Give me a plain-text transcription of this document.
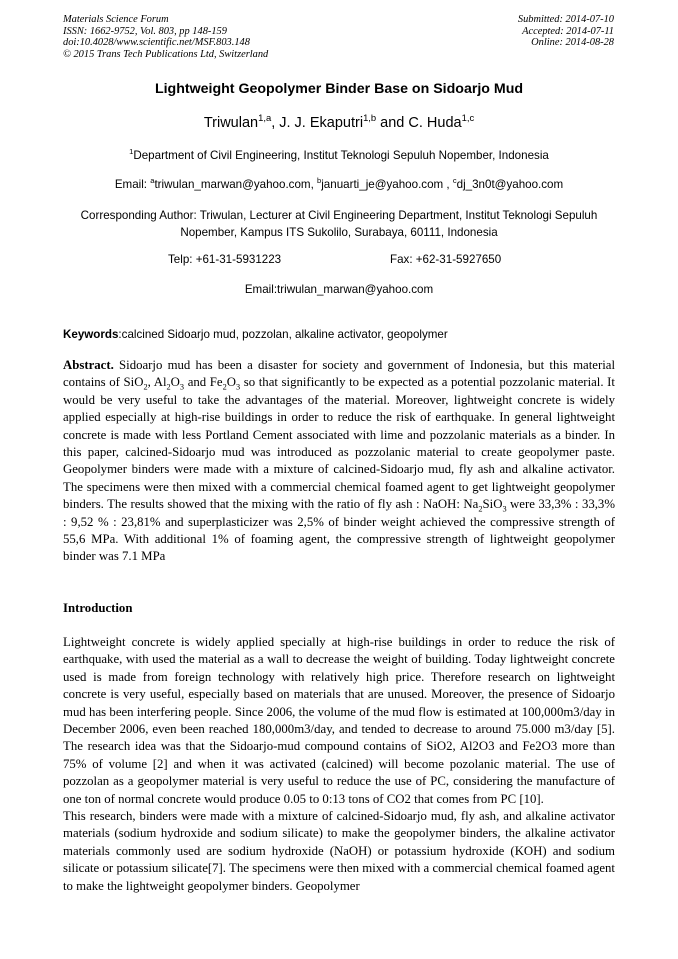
Materials Science Forum
ISSN: 1662-9752, Vol. 803, pp 148-159
doi:10.4028/www.scientific.net/MSF.803.148
© 2015 Trans Tech Publications Ltd, Switzerland
Submitted: 2014-07-10
Accepted: 2014-07-11
Online: 2014-08-28
Lightweight Geopolymer Binder Base on Sidoarjo Mud
Triwulan$^{1,a}$, J. J. Ekaputri$^{1,b}$ and C. Huda$^{1,c}$
$^1$Department of Civil Engineering, Institut Teknologi Sepuluh Nopember, Indonesia
Email: $^a$triwulan_marwan@yahoo.com, $^b$januarti_je@yahoo.com , $^c$dj_3n0t@yahoo.com
Corresponding Author: Triwulan, Lecturer at Civil Engineering Department, Institut Teknologi Sepuluh Nopember, Kampus ITS Sukolilo, Surabaya, 60111, Indonesia
Telp: +61-31-5931223	Fax: +62-31-5927650
Email:triwulan_marwan@yahoo.com
Keywords:calcined Sidoarjo mud, pozzolan, alkaline activator, geopolymer
Abstract. Sidoarjo mud has been a disaster for society and government of Indonesia, but this material contains of SiO$_2$, $Al_2O_3$ and $Fe_2O_3$ so that significantly to be expected as a potential pozzolanic material. It would be very useful to take the advantages of the material. Moreover, lightweight concrete is widely applied especially at high-rise buildings in order to reduce the risk of earthquake. In general lightweight concrete is made with less Portland Cement associated with lime and pozzolanic materials as a binder. In this paper, calcined-Sidoarjo mud was introduced as pozzolanic material to create geopolymer paste. Geopolymer binders were made with a mixture of calcined-Sidoarjo mud, fly ash and alkaline activator. The specimens were then mixed with a commercial chemical foamed agent to get lightweight geopolymer binders. The results showed that the mixing with the ratio of fly ash : NaOH: $Na_2SiO_3$ were 33,3% : 33,3% : 9,52 % : 23,81% and superplasticizer was 2,5% of binder weight achieved the compressive strength of 55,6 MPa. With additional 1% of foaming agent, the compressive strength of lightweight geopolymer binder was 7.1 MPa
Introduction
Lightweight concrete is widely applied specially at high-rise buildings in order to reduce the risk of earthquake, with used the material as a wall to decrease the weight of building. Today lightweight concrete used is made from foreign technology with relatively high price. Therefore research on lightweight concrete is very useful, especially based on materials that are unused. Moreover, the presence of Sidoarjo mud has been interfering people. Since 2006, the volume of the mud flow is estimated at 100,000m3/day in December 2006, even been reached 180,000m3/day, and tended to decrease to around 75.000 m3/day [5]. The research idea was that the Sidoarjo-mud compound contains of SiO2, Al2O3 and Fe2O3 more than 75% of volume [2] and when it was activated (calcined) will become pozolanic material. The use of pozzolan as a geopolymer material is very useful to reduce the use of PC, considering the manufacture of one ton of normal concrete would produce 0.05 to 0:13 tons of CO2 that comes from PC [10].
This research, binders were made with a mixture of calcined-Sidoarjo mud, fly ash, and alkaline activator materials (sodium hydroxide and sodium silicate) to make the geopolymer binders, the alkaline activator materials commonly used are sodium hydroxide (NaOH) or potassium hydroxide (KOH) and sodium silicate or potassium silicate[7]. The specimens were then mixed with a commercial chemical foamed agent to make the lightweight geopolymer binders. Geopolymer
